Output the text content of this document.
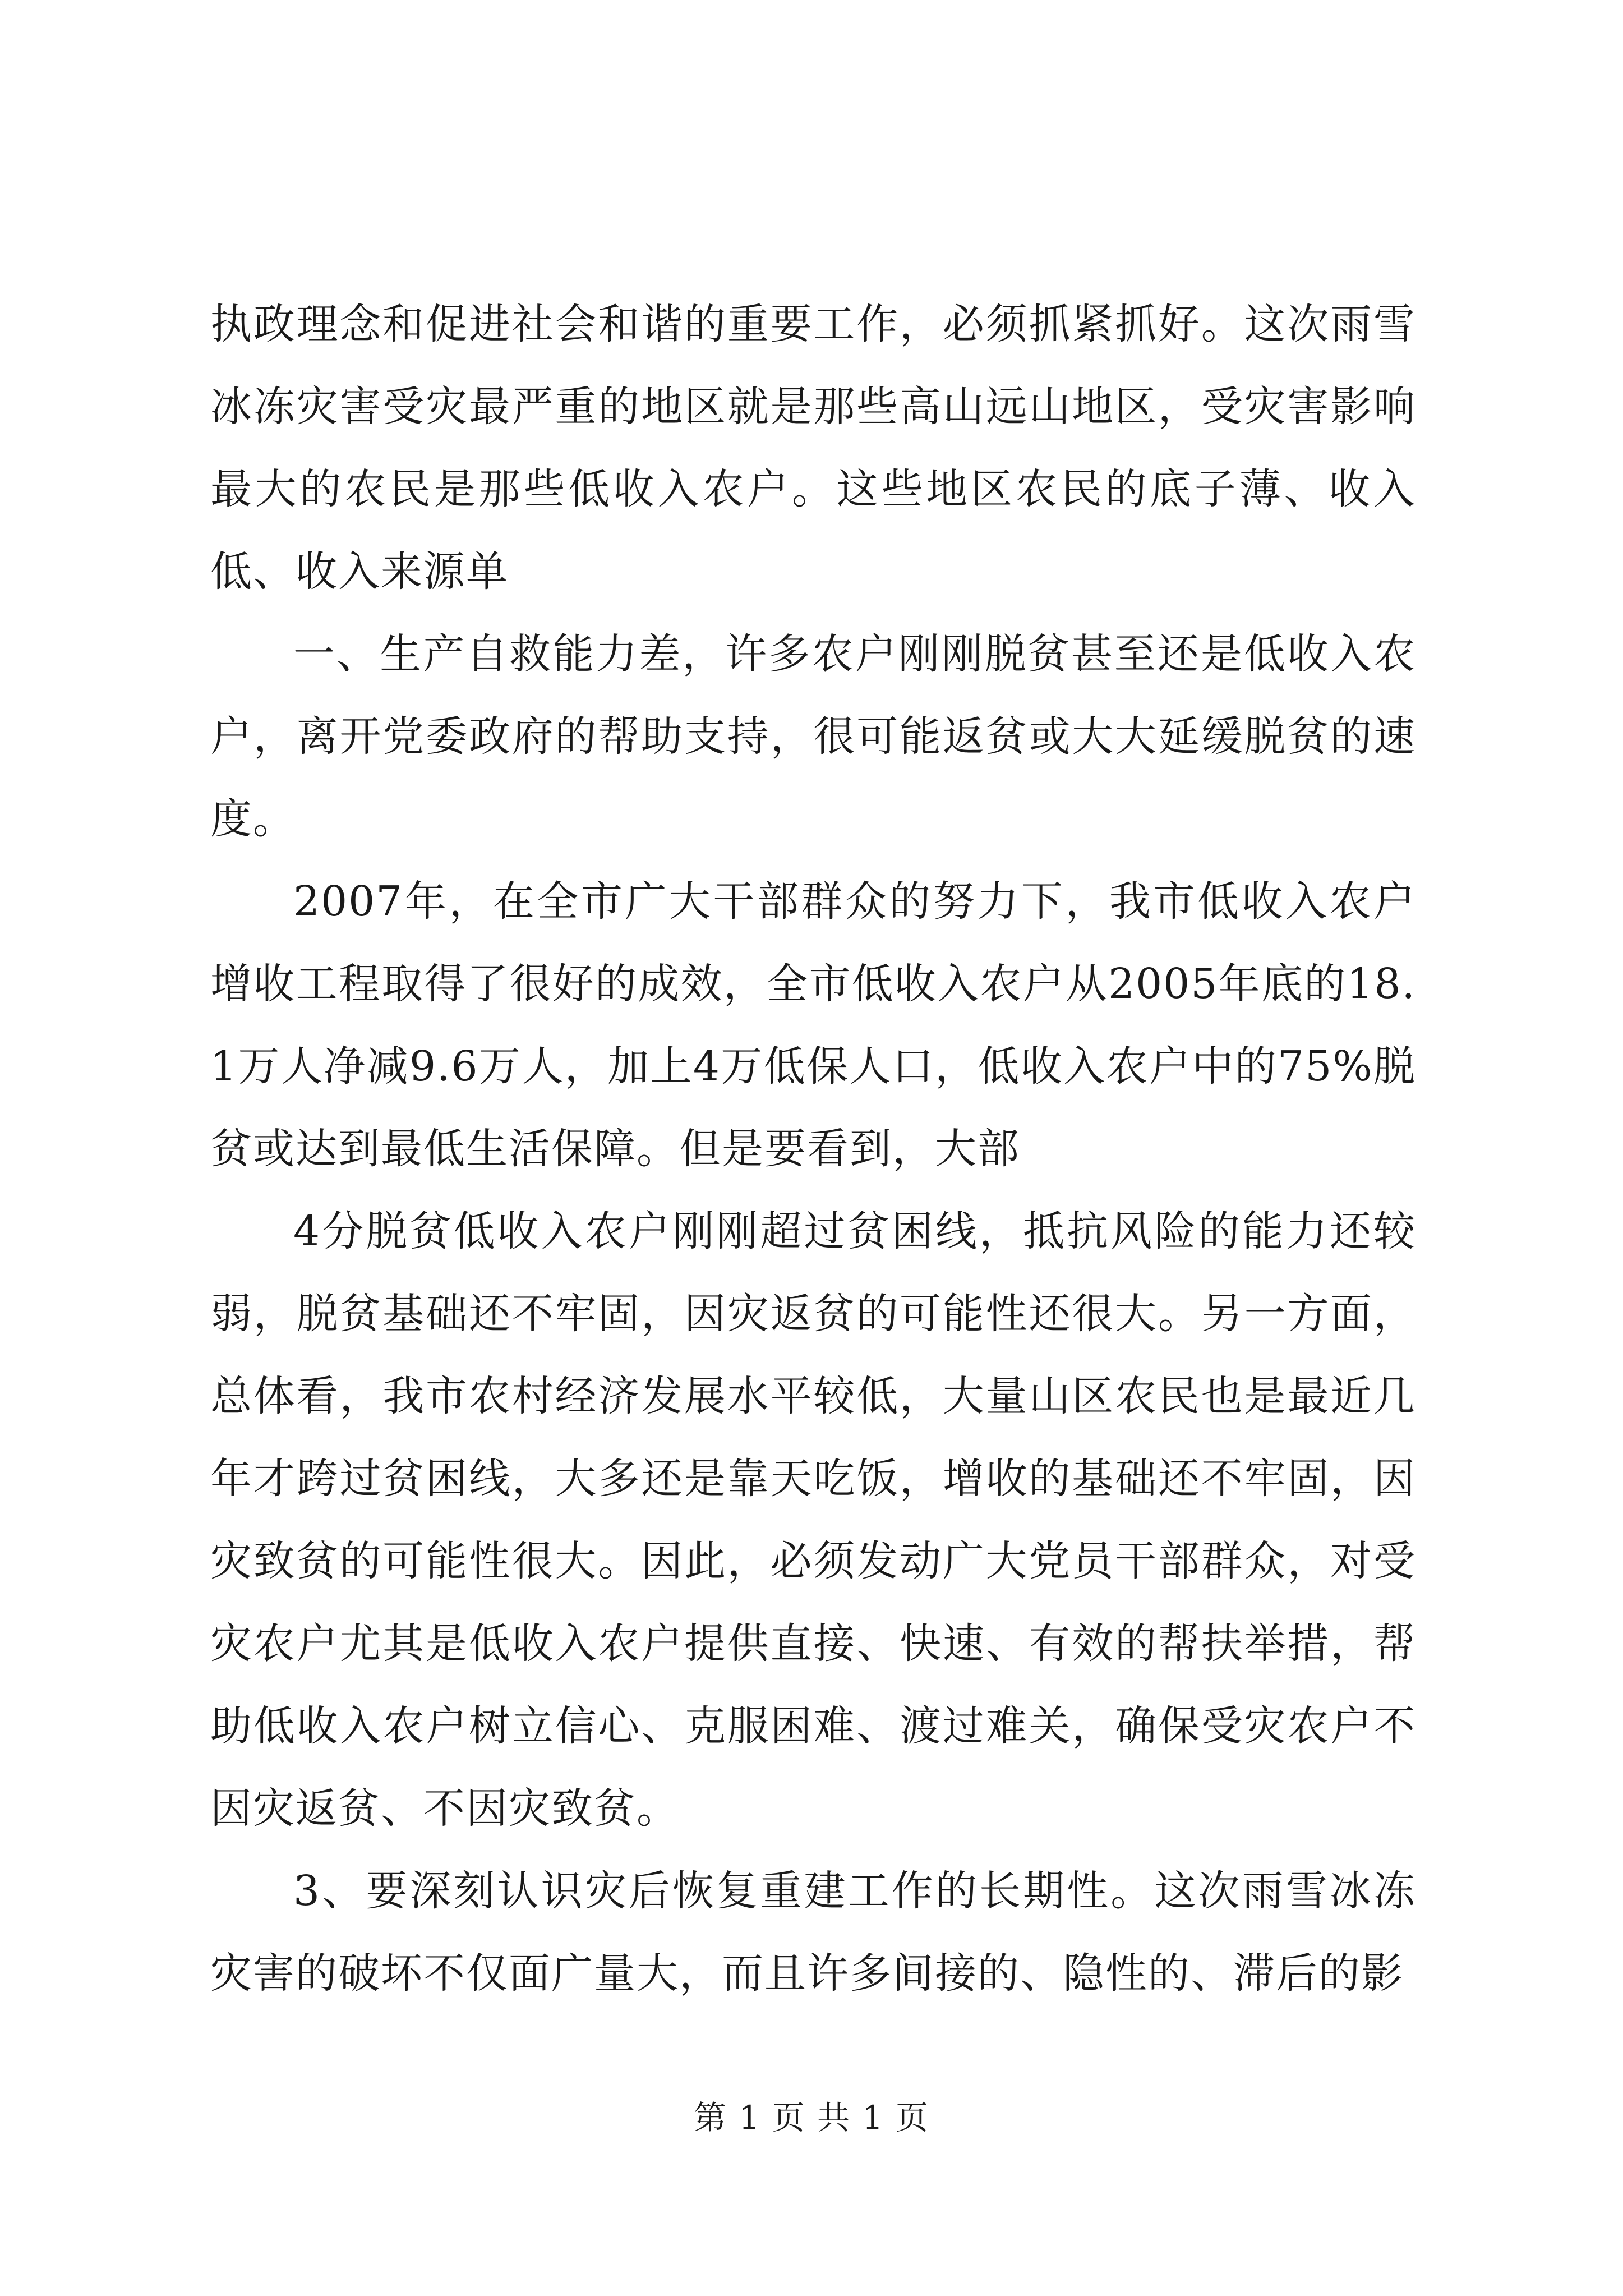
执政理念和促进社会和谐的重要工作，必须抓紧抓好。这次雨雪冰冻灾害受灾最严重的地区就是那些高山远山地区，受灾害影响最大的农民是那些低收入农户。这些地区农民的底子薄、收入低、收入来源单

一、生产自救能力差，许多农户刚刚脱贫甚至还是低收入农户，离开党委政府的帮助支持，很可能返贫或大大延缓脱贫的速度。

2007年，在全市广大干部群众的努力下，我市低收入农户增收工程取得了很好的成效，全市低收入农户从2005年底的18.1万人净减9.6万人，加上4万低保人口，低收入农户中的75%脱贫或达到最低生活保障。但是要看到，大部

4分脱贫低收入农户刚刚超过贫困线，抵抗风险的能力还较弱，脱贫基础还不牢固，因灾返贫的可能性还很大。另一方面，总体看，我市农村经济发展水平较低，大量山区农民也是最近几年才跨过贫困线，大多还是靠天吃饭，增收的基础还不牢固，因灾致贫的可能性很大。因此，必须发动广大党员干部群众，对受灾农户尤其是低收入农户提供直接、快速、有效的帮扶举措，帮助低收入农户树立信心、克服困难、渡过难关，确保受灾农户不因灾返贫、不因灾致贫。

3、要深刻认识灾后恢复重建工作的长期性。这次雨雪冰冻灾害的破坏不仅面广量大，而且许多间接的、隐性的、滞后的影

第 1 页 共 1 页
